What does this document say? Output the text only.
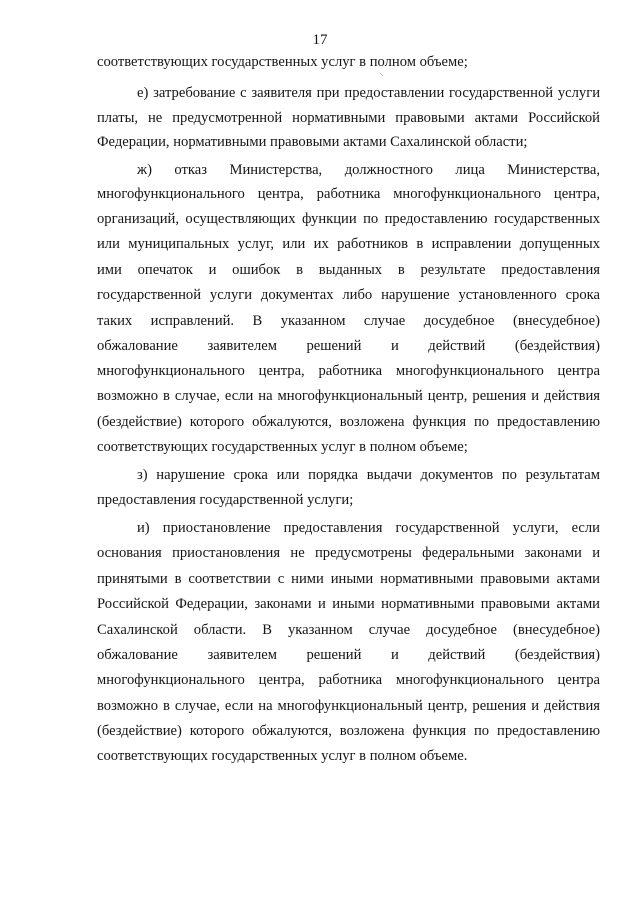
17
соответствующих государственных услуг в полном объеме;
е) затребование с заявителя при предоставлении государственной услуги
платы, не предусмотренной нормативными правовыми актами Российской
Федерации, нормативными правовыми актами Сахалинской области;
ж) отказ Министерства, должностного лица Министерства,
многофункционального центра, работника многофункционального центра,
организаций, осуществляющих функции по предоставлению государственных
или муниципальных услуг, или их работников в исправлении допущенных
ими опечаток и ошибок в выданных в результате предоставления
государственной услуги документах либо нарушение установленного срока
таких исправлений. В указанном случае досудебное (внесудебное)
обжалование заявителем решений и действий (бездействия)
многофункционального центра, работника многофункционального центра
возможно в случае, если на многофункциональный центр, решения и действия
(бездействие) которого обжалуются, возложена функция по предоставлению
соответствующих государственных услуг в полном объеме;
з) нарушение срока или порядка выдачи документов по результатам
предоставления государственной услуги;
и) приостановление предоставления государственной услуги, если
основания приостановления не предусмотрены федеральными законами и
принятыми в соответствии с ними иными нормативными правовыми актами
Российской Федерации, законами и иными нормативными правовыми актами
Сахалинской области. В указанном случае досудебное (внесудебное)
обжалование заявителем решений и действий (бездействия)
многофункционального центра, работника многофункционального центра
возможно в случае, если на многофункциональный центр, решения и действия
(бездействие) которого обжалуются, возложена функция по предоставлению
соответствующих государственных услуг в полном объеме.
⸌
